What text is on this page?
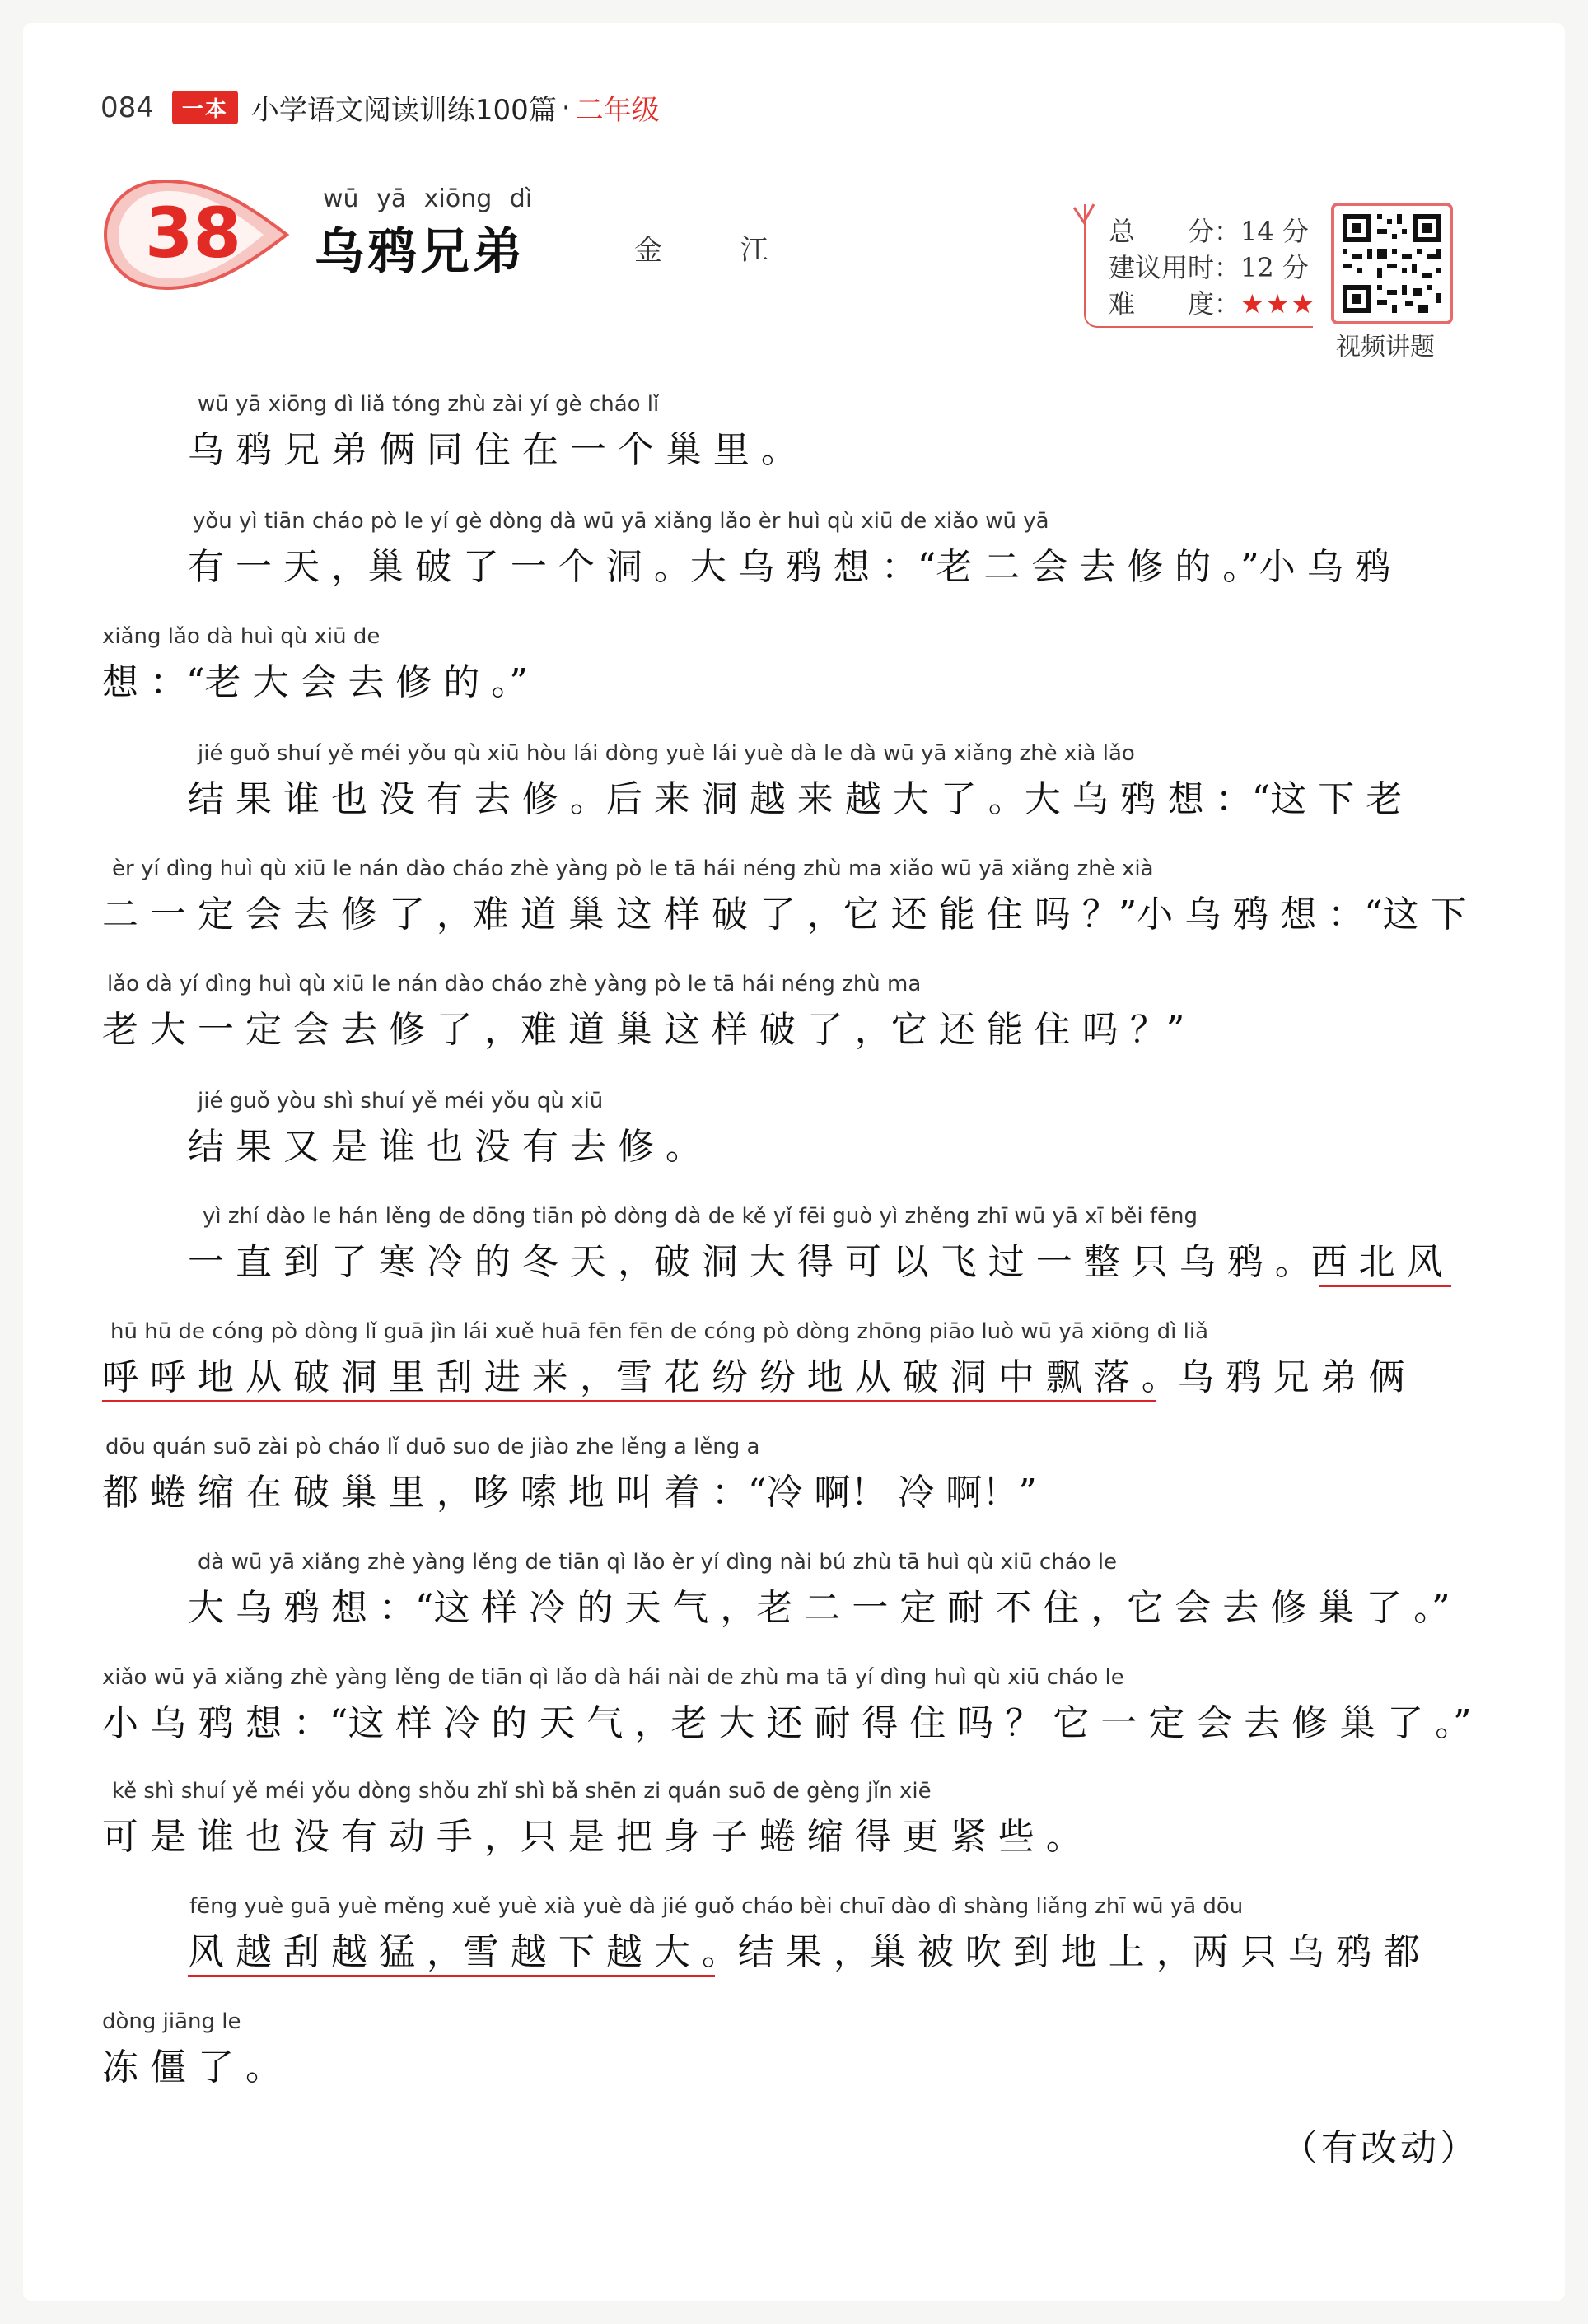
084	一本 小学语文阅读训练100篇 · 二年级
38	wū yā xiōng dì
乌鸦兄弟	金 江
总　　分：14 分
建议用时：12 分
难　　度：★★★
视频讲题
wū yā xiōng dì liǎ tóng zhù zài yí gè cháo lǐ
乌 鸦 兄 弟 俩 同 住 在 一 个 巢 里 。
yǒu yì tiān cháo pò le yí gè dòng dà wū yā xiǎng lǎo èr huì qù xiū de xiǎo wū yā
有 一 天 ，巢 破 了 一 个 洞 。大 乌 鸦 想 ：“老 二 会 去 修 的 。”小 乌 鸦
xiǎng lǎo dà huì qù xiū de
想 ：“老 大 会 去 修 的 。”
jié guǒ shuí yě méi yǒu qù xiū hòu lái dòng yuè lái yuè dà le dà wū yā xiǎng zhè xià lǎo
结 果 谁 也 没 有 去 修 。后 来 洞 越 来 越 大 了 。大 乌 鸦 想 ：“这 下 老
èr yí dìng huì qù xiū le nán dào cháo zhè yàng pò le tā hái néng zhù ma xiǎo wū yā xiǎng zhè xià
二 一 定 会 去 修 了 ，难 道 巢 这 样 破 了 ，它 还 能 住 吗 ？”小 乌 鸦 想 ：“这 下
lǎo dà yí dìng huì qù xiū le nán dào cháo zhè yàng pò le tā hái néng zhù ma
老 大 一 定 会 去 修 了 ，难 道 巢 这 样 破 了 ，它 还 能 住 吗 ？”
jié guǒ yòu shì shuí yě méi yǒu qù xiū
结 果 又 是 谁 也 没 有 去 修 。
yì zhí dào le hán lěng de dōng tiān pò dòng dà de kě yǐ fēi guò yì zhěng zhī wū yā xī běi fēng
一 直 到 了 寒 冷 的 冬 天 ，破 洞 大 得 可 以 飞 过 一 整 只 乌 鸦 。西 北 风
hū hū de cóng pò dòng lǐ guā jìn lái xuě huā fēn fēn de cóng pò dòng zhōng piāo luò wū yā xiōng dì liǎ
呼 呼 地 从 破 洞 里 刮 进 来 ，雪 花 纷 纷 地 从 破 洞 中 飘 落 。乌 鸦 兄 弟 俩
dōu quán suō zài pò cháo lǐ duō suo de jiào zhe lěng a lěng a
都 蜷 缩 在 破 巢 里 ，哆 嗦 地 叫 着 ：“冷 啊！ 冷 啊！”
dà wū yā xiǎng zhè yàng lěng de tiān qì lǎo èr yí dìng nài bú zhù tā huì qù xiū cháo le
大 乌 鸦 想 ：“这 样 冷 的 天 气 ，老 二 一 定 耐 不 住 ，它 会 去 修 巢 了 。”
xiǎo wū yā xiǎng zhè yàng lěng de tiān qì lǎo dà hái nài de zhù ma tā yí dìng huì qù xiū cháo le
小 乌 鸦 想 ：“这 样 冷 的 天 气 ，老 大 还 耐 得 住 吗 ？ 它 一 定 会 去 修 巢 了 。”
kě shì shuí yě méi yǒu dòng shǒu zhǐ shì bǎ shēn zi quán suō de gèng jǐn xiē
可 是 谁 也 没 有 动 手 ，只 是 把 身 子 蜷 缩 得 更 紧 些 。
fēng yuè guā yuè měng xuě yuè xià yuè dà jié guǒ cháo bèi chuī dào dì shàng liǎng zhī wū yā dōu
风 越 刮 越 猛 ，雪 越 下 越 大 。结 果 ，巢 被 吹 到 地 上 ，两 只 乌 鸦 都
dòng jiāng le
冻 僵 了 。
（有改动）
